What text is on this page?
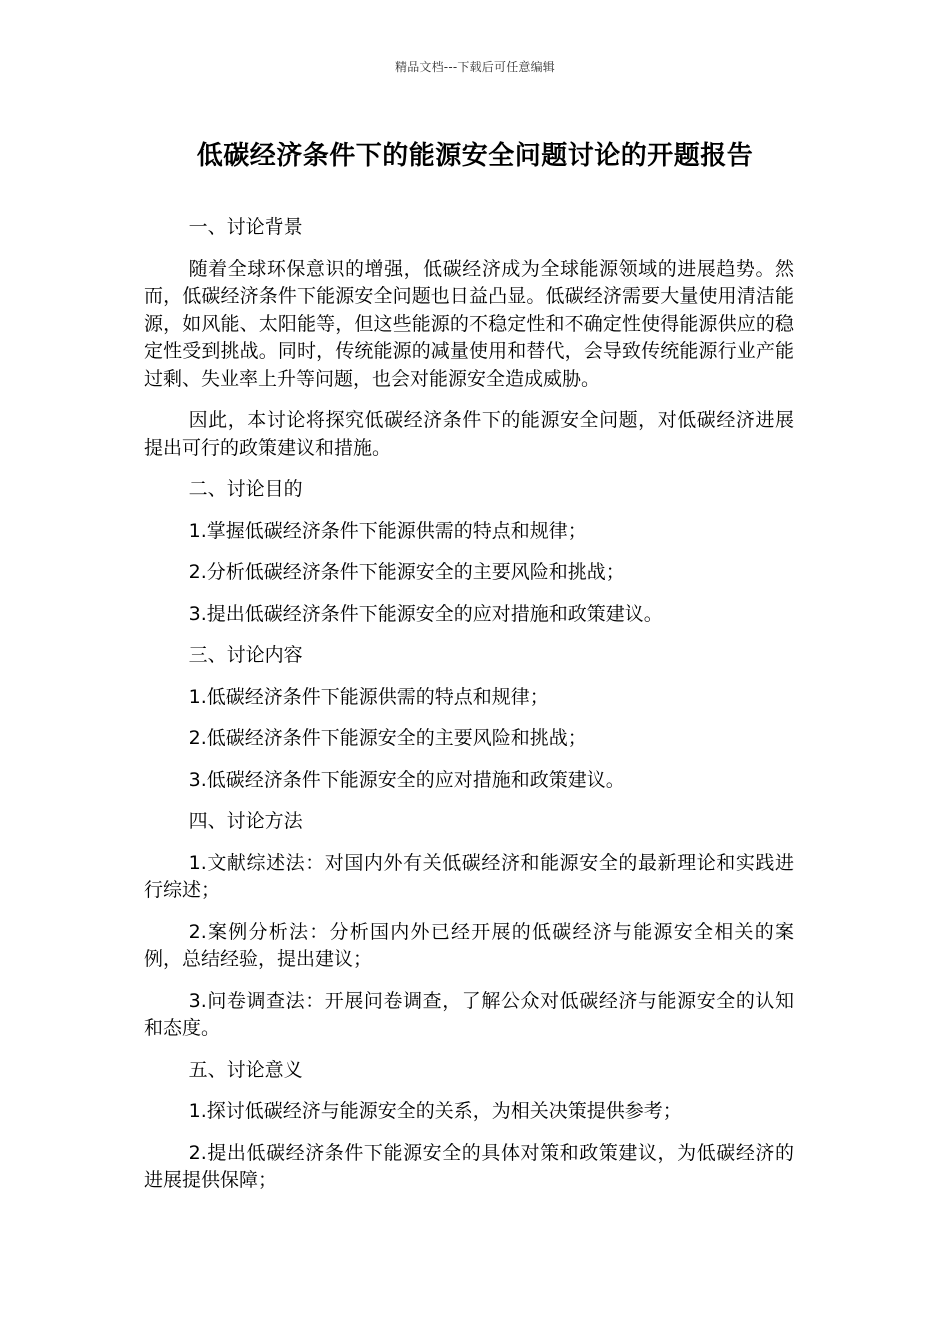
精品文档---下载后可任意编辑
低碳经济条件下的能源安全问题讨论的开题报告

一、讨论背景

随着全球环保意识的增强，低碳经济成为全球能源领域的进展趋势。然而，低碳经济条件下能源安全问题也日益凸显。低碳经济需要大量使用清洁能源，如风能、太阳能等，但这些能源的不稳定性和不确定性使得能源供应的稳定性受到挑战。同时，传统能源的减量使用和替代，会导致传统能源行业产能过剩、失业率上升等问题，也会对能源安全造成威胁。

因此，本讨论将探究低碳经济条件下的能源安全问题，对低碳经济进展提出可行的政策建议和措施。

二、讨论目的

1.掌握低碳经济条件下能源供需的特点和规律；

2.分析低碳经济条件下能源安全的主要风险和挑战；

3.提出低碳经济条件下能源安全的应对措施和政策建议。

三、讨论内容

1.低碳经济条件下能源供需的特点和规律；

2.低碳经济条件下能源安全的主要风险和挑战；

3.低碳经济条件下能源安全的应对措施和政策建议。

四、讨论方法

1.文献综述法：对国内外有关低碳经济和能源安全的最新理论和实践进行综述；

2.案例分析法：分析国内外已经开展的低碳经济与能源安全相关的案例，总结经验，提出建议；

3.问卷调查法：开展问卷调查，了解公众对低碳经济与能源安全的认知和态度。

五、讨论意义

1.探讨低碳经济与能源安全的关系，为相关决策提供参考；

2.提出低碳经济条件下能源安全的具体对策和政策建议，为低碳经济的进展提供保障；
